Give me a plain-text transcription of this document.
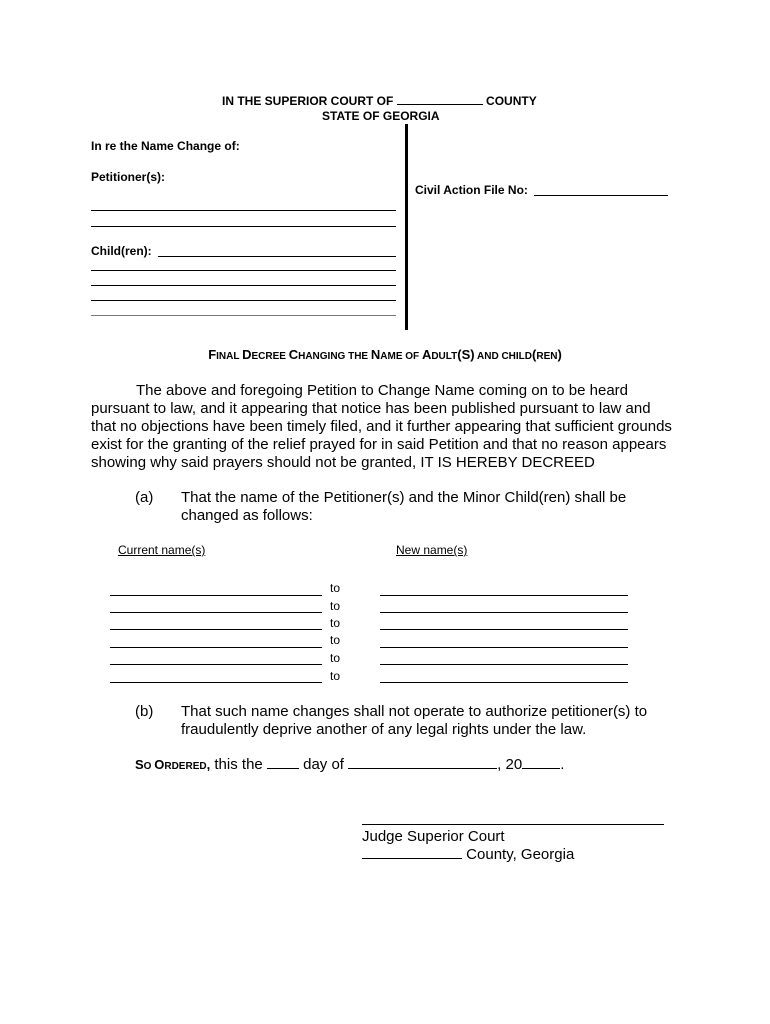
IN THE SUPERIOR COURT OF	COUNTY
STATE OF GEORGIA
In re the Name Change of:
Petitioner(s):
Child(ren):
Civil Action File No:
FINAL DECREE CHANGING THE NAME OF ADULT(S) AND CHILD(REN)
The above and foregoing Petition to Change Name coming on to be heard
pursuant to law, and it appearing that notice has been published pursuant to law and
that no objections have been timely filed, and it further appearing that sufficient grounds
exist for the granting of the relief prayed for in said Petition and that no reason appears
showing why said prayers should not be granted, IT IS HEREBY DECREED
(a) That the name of the Petitioner(s) and the Minor Child(ren) shall be
changed as follows:
Current name(s)	New name(s)
to
to
to
to
to
to
(b) That such name changes shall not operate to authorize petitioner(s) to
fraudulently deprive another of any legal rights under the law.
SO ORDERED, this the	day of	, 20	.
Judge Superior Court
County, Georgia
